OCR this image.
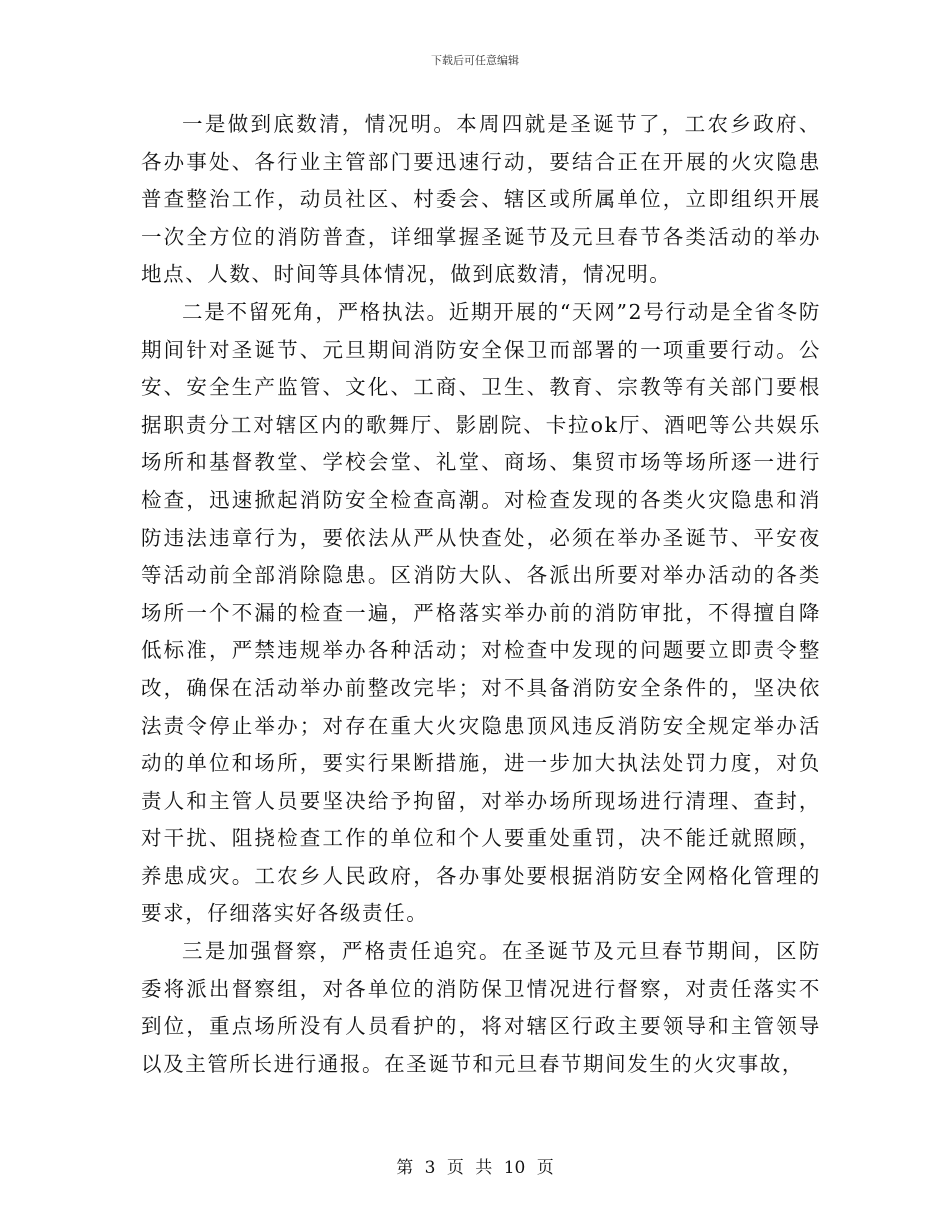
下载后可任意编辑

一是做到底数清，情况明。本周四就是圣诞节了，工农乡政府、各办事处、各行业主管部门要迅速行动，要结合正在开展的火灾隐患普查整治工作，动员社区、村委会、辖区或所属单位，立即组织开展一次全方位的消防普查，详细掌握圣诞节及元旦春节各类活动的举办地点、人数、时间等具体情况，做到底数清，情况明。

二是不留死角，严格执法。近期开展的“天网”2号行动是全省冬防期间针对圣诞节、元旦期间消防安全保卫而部署的一项重要行动。公安、安全生产监管、文化、工商、卫生、教育、宗教等有关部门要根据职责分工对辖区内的歌舞厅、影剧院、卡拉ok厅、酒吧等公共娱乐场所和基督教堂、学校会堂、礼堂、商场、集贸市场等场所逐一进行检查，迅速掀起消防安全检查高潮。对检查发现的各类火灾隐患和消防违法违章行为，要依法从严从快查处，必须在举办圣诞节、平安夜等活动前全部消除隐患。区消防大队、各派出所要对举办活动的各类场所一个不漏的检查一遍，严格落实举办前的消防审批，不得擅自降低标准，严禁违规举办各种活动；对检查中发现的问题要立即责令整改，确保在活动举办前整改完毕；对不具备消防安全条件的，坚决依法责令停止举办；对存在重大火灾隐患顶风违反消防安全规定举办活动的单位和场所，要实行果断措施，进一步加大执法处罚力度，对负责人和主管人员要坚决给予拘留，对举办场所现场进行清理、查封，对干扰、阻挠检查工作的单位和个人要重处重罚，决不能迁就照顾，养患成灾。工农乡人民政府，各办事处要根据消防安全网格化管理的要求，仔细落实好各级责任。

三是加强督察，严格责任追究。在圣诞节及元旦春节期间，区防委将派出督察组，对各单位的消防保卫情况进行督察，对责任落实不到位，重点场所没有人员看护的，将对辖区行政主要领导和主管领导以及主管所长进行通报。在圣诞节和元旦春节期间发生的火灾事故，

第 3 页 共 10 页
